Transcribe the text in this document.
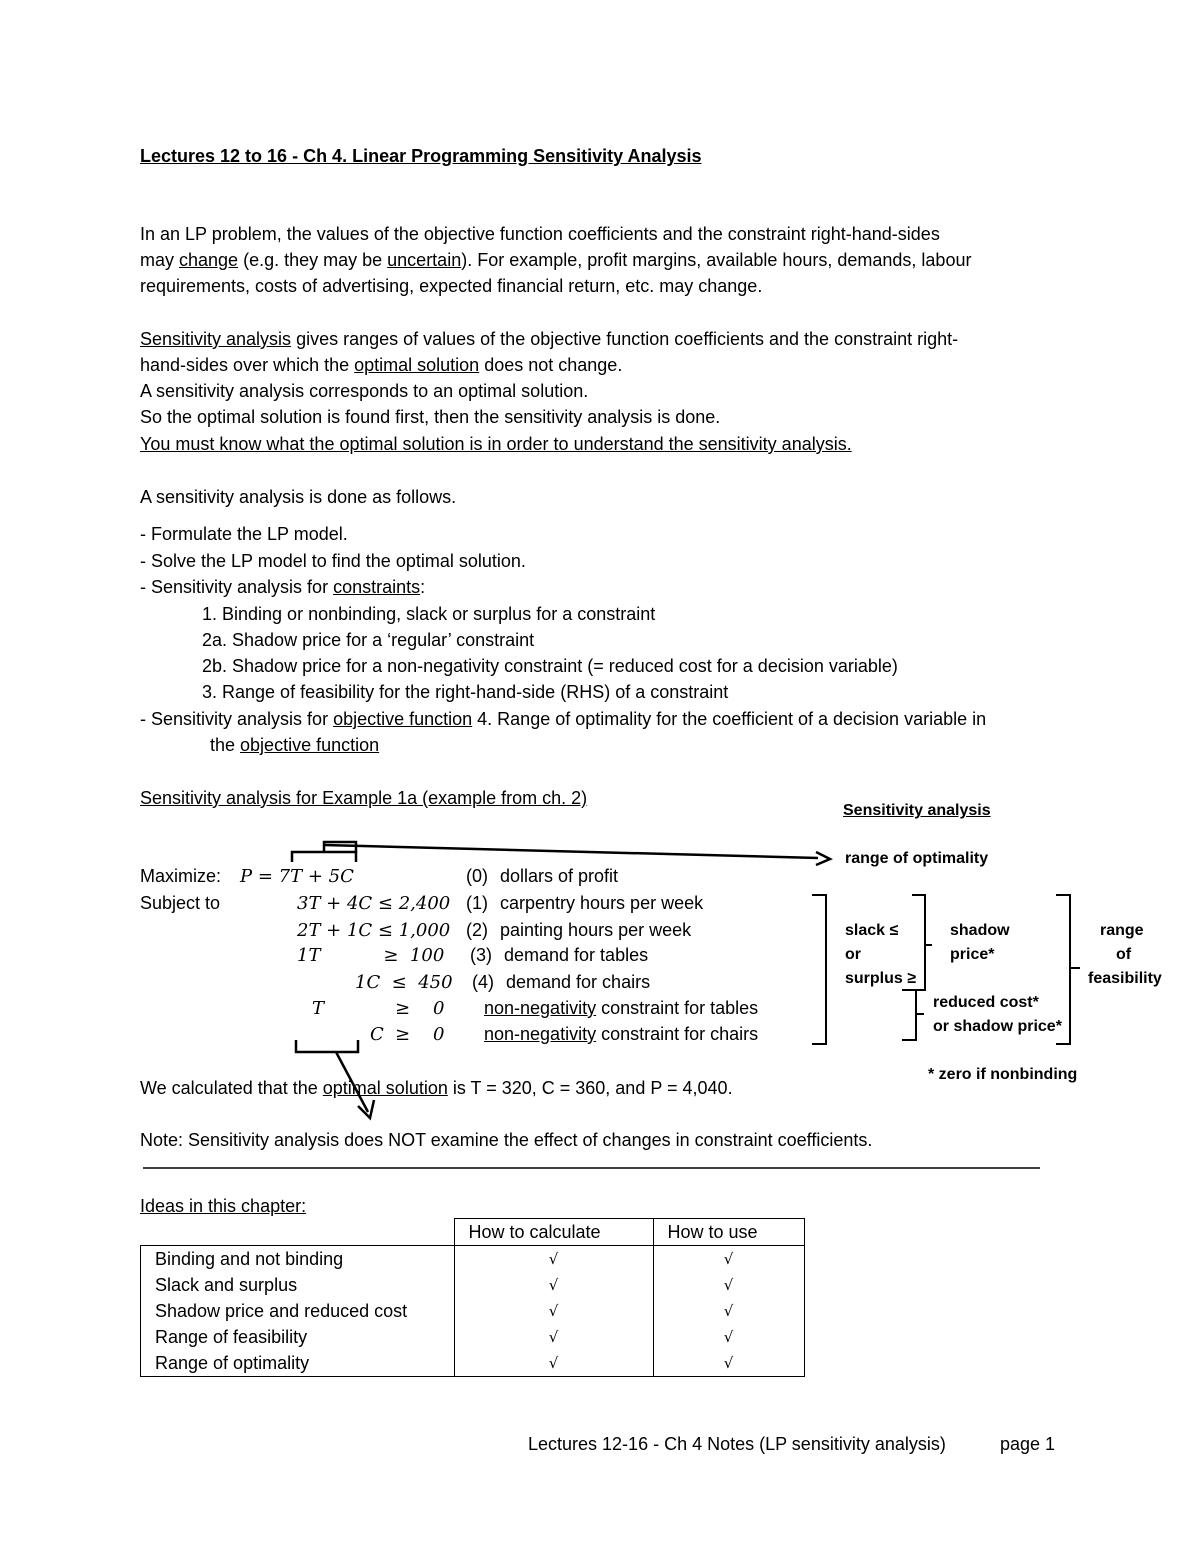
Lectures 12 to 16 - Ch 4. Linear Programming Sensitivity Analysis
In an LP problem, the values of the objective function coefficients and the constraint right-hand-sides
may change (e.g. they may be uncertain). For example, profit margins, available hours, demands, labour
requirements, costs of advertising, expected financial return, etc. may change.
Sensitivity analysis gives ranges of values of the objective function coefficients and the constraint right-
hand-sides over which the optimal solution does not change.
A sensitivity analysis corresponds to an optimal solution.
So the optimal solution is found first, then the sensitivity analysis is done.
You must know what the optimal solution is in order to understand the sensitivity analysis.
A sensitivity analysis is done as follows.
- Formulate the LP model.
- Solve the LP model to find the optimal solution.
- Sensitivity analysis for constraints:
1. Binding or nonbinding, slack or surplus for a constraint
2a. Shadow price for a ‘regular’ constraint
2b. Shadow price for a non-negativity constraint (= reduced cost for a decision variable)
3. Range of feasibility for the right-hand-side (RHS) of a constraint
- Sensitivity analysis for objective function 4. Range of optimality for the coefficient of a decision variable in
the objective function
Sensitivity analysis for Example 1a (example from ch. 2)
Sensitivity analysis
range of optimality
slack ≤
or
surplus ≥
shadow
price*
reduced cost*
or shadow price*
range
of
feasibility
* zero if nonbinding
Maximize: P = 7T + 5C	(0) dollars of profit
Subject to	3T + 4C ≤ 2,400 (1) carpentry hours per week
2T + 1C ≤ 1,000 (2) painting hours per week
1T           ≥  100 (3) demand for tables
1C  ≤  450 (4) demand for chairs
T	≥    0 non-negativity constraint for tables
C ≥    0 non-negativity constraint for chairs
We calculated that the optimal solution is T = 320, C = 360, and P = 4,040.
Note: Sensitivity analysis does NOT examine the effect of changes in constraint coefficients.
Ideas in this chapter:
	How to calculate	How to use
Binding and not binding	√	√
Slack and surplus	√	√
Shadow price and reduced cost	√	√
Range of feasibility	√	√
Range of optimality	√	√
Lectures 12-16 - Ch 4 Notes (LP sensitivity analysis)	page 1
